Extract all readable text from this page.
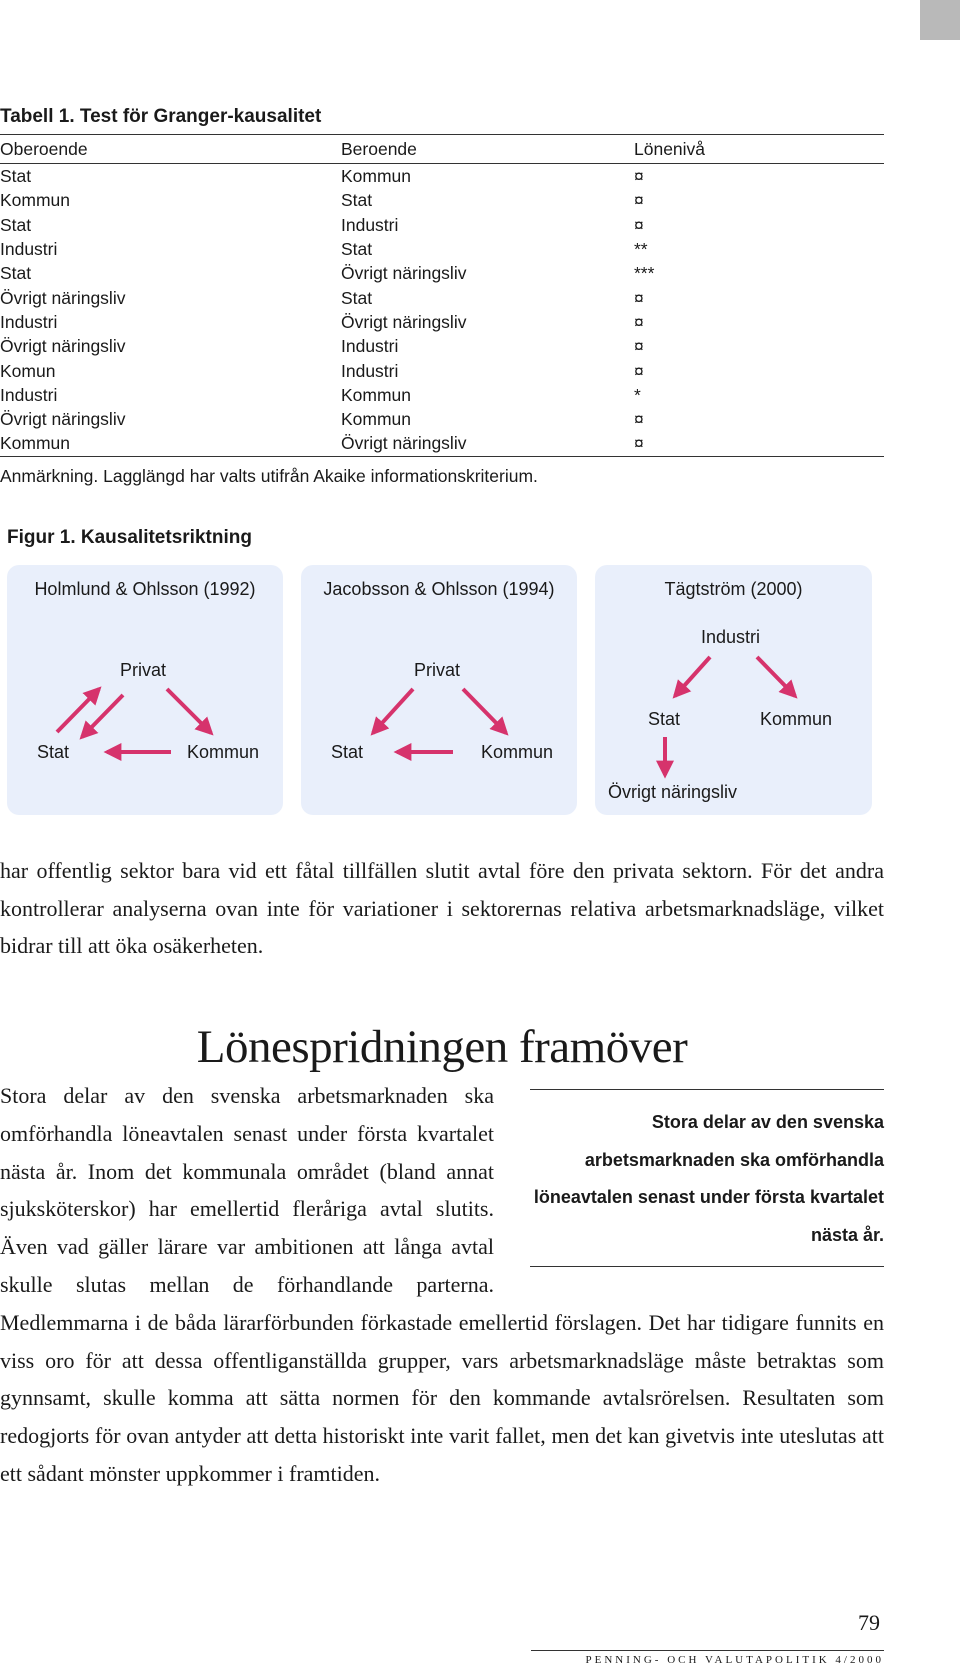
Tabell 1. Test för Granger-kausalitet
Oberoende	Beroende	Lönenivå
Stat	Kommun	¤
Kommun	Stat	¤
Stat	Industri	¤
Industri	Stat	**
Stat	Övrigt näringsliv	***
Övrigt näringsliv	Stat	¤
Industri	Övrigt näringsliv	¤
Övrigt näringsliv	Industri	¤
Komun	Industri	¤
Industri	Kommun	*
Övrigt näringsliv	Kommun	¤
Kommun	Övrigt näringsliv	¤
Anmärkning. Lagglängd har valts utifrån Akaike informationskriterium.
Figur 1. Kausalitetsriktning
Holmlund & Ohlsson (1992)
Privat
Stat	Kommun
Jacobsson & Ohlsson (1994)
Privat
Stat	Kommun
Tägtström (2000)
Industri
Stat	Kommun
Övrigt näringsliv
har offentlig sektor bara vid ett fåtal tillfällen slutit avtal före den privata sektorn. För det andra kontrollerar analyserna ovan inte för variationer i sektorernas relativa arbetsmarknadsläge, vilket bidrar till att öka osäkerheten.
Lönespridningen framöver
Stora delar av den svenska arbetsmarknaden ska omförhandla löneavtalen senast under första kvartalet nästa år.
Stora delar av den svenska arbetsmarknaden ska omförhandla löneavtalen senast under första kvartalet nästa år. Inom det kommunala området (bland annat sjuksköterskor) har emellertid fleråriga avtal slutits. Även vad gäller lärare var ambitionen att långa avtal skulle slutas mellan de förhandlande parterna. Medlemmarna i de båda lärarförbunden förkastade emellertid förslagen. Det har tidigare funnits en viss oro för att dessa offentliganställda grupper, vars arbetsmarknadsläge måste betraktas som gynnsamt, skulle komma att sätta normen för den kommande avtalsrörelsen. Resultaten som redogjorts för ovan antyder att detta historiskt inte varit fallet, men det kan givetvis inte uteslutas att ett sådant mönster uppkommer i framtiden.
79
PENNING- OCH VALUTAPOLITIK 4/2000
